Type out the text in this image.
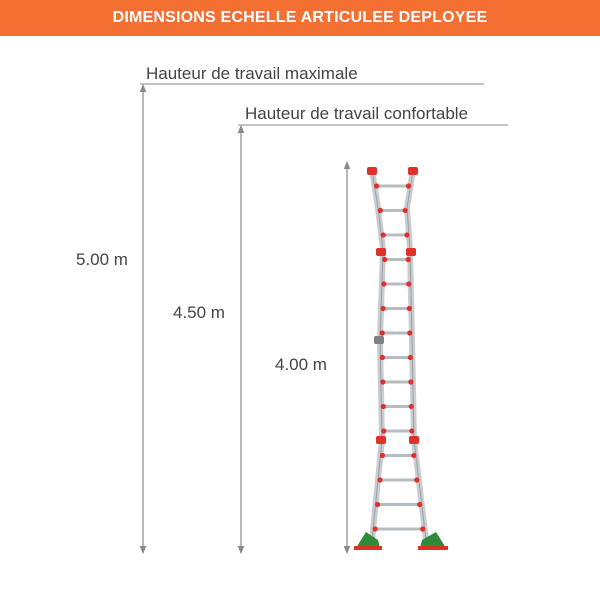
DIMENSIONS ECHELLE ARTICULEE DEPLOYEE
Hauteur de travail maximale
Hauteur de travail confortable
5.00 m
4.50 m
4.00 m
